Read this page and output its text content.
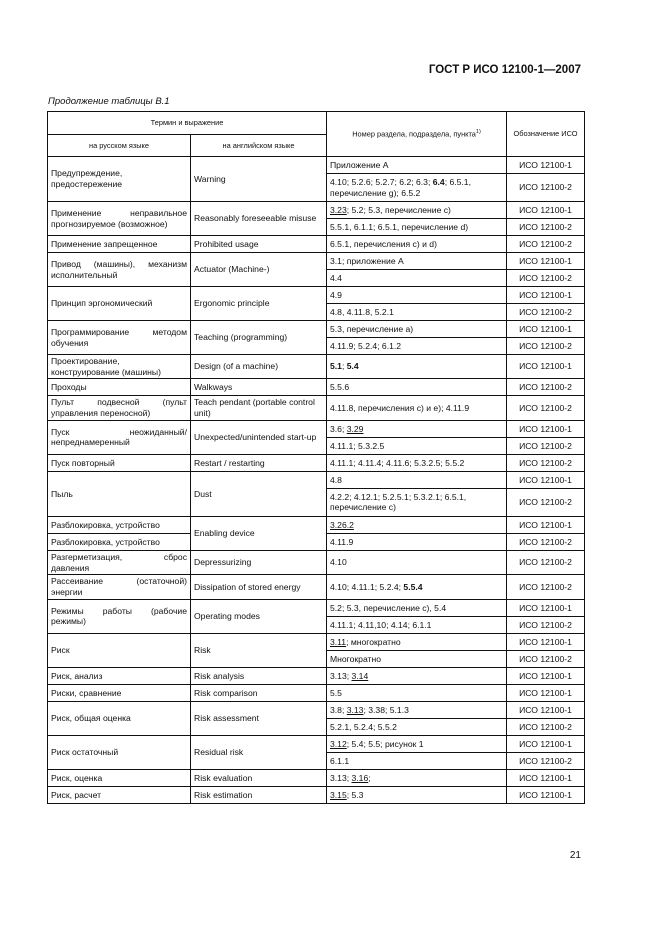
ГОСТ Р ИСО 12100-1—2007
Продолжение таблицы В.1
Термин и выражение		Номер раздела, подраздела, пункта$^{1)}$	Обозначение ИСО
на русском языке	на английском языке		
Предупреждение, предостережение	Warning	Приложение А	ИСО 12100-1
		4.10; 5.2.6; 5.2.7; 6.2; 6.3; 6.4; 6.5.1, перечисление g); 6.5.2	ИСО 12100-2
Применение неправильное прогнозируемое (возможное)	Reasonably foreseeable misuse	3.23; 5.2; 5.3, перечисление c)	ИСО 12100-1
		5.5.1, 6.1.1; 6.5.1, перечисление d)	ИСО 12100-2
Применение запрещенное	Prohibited usage	6.5.1, перечисления c) и d)	ИСО 12100-2
Привод (машины), механизм исполнительный	Actuator (Machine-)	3.1; приложение А	ИСО 12100-1
		4.4	ИСО 12100-2
Принцип эргономический	Ergonomic principle	4.9	ИСО 12100-1
		4.8, 4.11.8, 5.2.1	ИСО 12100-2
Программирование методом обучения	Teaching (programming)	5.3, перечисление a)	ИСО 12100-1
		4.11.9; 5.2.4; 6.1.2	ИСО 12100-2
Проектирование, конструирование (машины)	Design (of a machine)	5.1; 5.4	ИСО 12100-1
Проходы	Walkways	5.5.6	ИСО 12100-2
Пульт подвесной (пульт управления переносной)	Teach pendant (portable control unit)	4.11.8, перечисления c) и e); 4.11.9	ИСО 12100-2
Пуск неожиданный/непреднамеренный	Unexpected/unintended start-up	3.6; 3.29	ИСО 12100-1
		4.11.1; 5.3.2.5	ИСО 12100-2
Пуск повторный	Restart / restarting	4.11.1; 4.11.4; 4.11.6; 5.3.2.5; 5.5.2	ИСО 12100-2
Пыль	Dust	4.8	ИСО 12100-1
		4.2.2; 4.12.1; 5.2.5.1; 5.3.2.1; 6.5.1, перечисление c)	ИСО 12100-2
Разблокировка, устройство	Enabling device	3.26.2	ИСО 12100-1
Разблокировка, устройство		4.11.9	ИСО 12100-2
Разгерметизация, сброс давления	Depressurizing	4.10	ИСО 12100-2
Рассеивание (остаточной) энергии	Dissipation of stored energy	4.10; 4.11.1; 5.2.4; 5.5.4	ИСО 12100-2
Режимы работы (рабочие режимы)	Operating modes	5.2; 5.3, перечисление c), 5.4	ИСО 12100-1
		4.11.1; 4.11,10; 4.14; 6.1.1	ИСО 12100-2
Риск	Risk	3.11; многократно	ИСО 12100-1
		Многократно	ИСО 12100-2
Риск, анализ	Risk analysis	3.13; 3.14	ИСО 12100-1
Риски, сравнение	Risk comparison	5.5	ИСО 12100-1
Риск, общая оценка	Risk assessment	3.8; 3.13; 3.38; 5.1.3	ИСО 12100-1
		5.2.1, 5.2.4; 5.5.2	ИСО 12100-2
Риск остаточный	Residual risk	3.12; 5.4; 5.5; рисунок 1	ИСО 12100-1
		6.1.1	ИСО 12100-2
Риск, оценка	Risk evaluation	3.13; 3.16;	ИСО 12100-1
Риск, расчет	Risk estimation	3.15; 5.3	ИСО 12100-1
21
